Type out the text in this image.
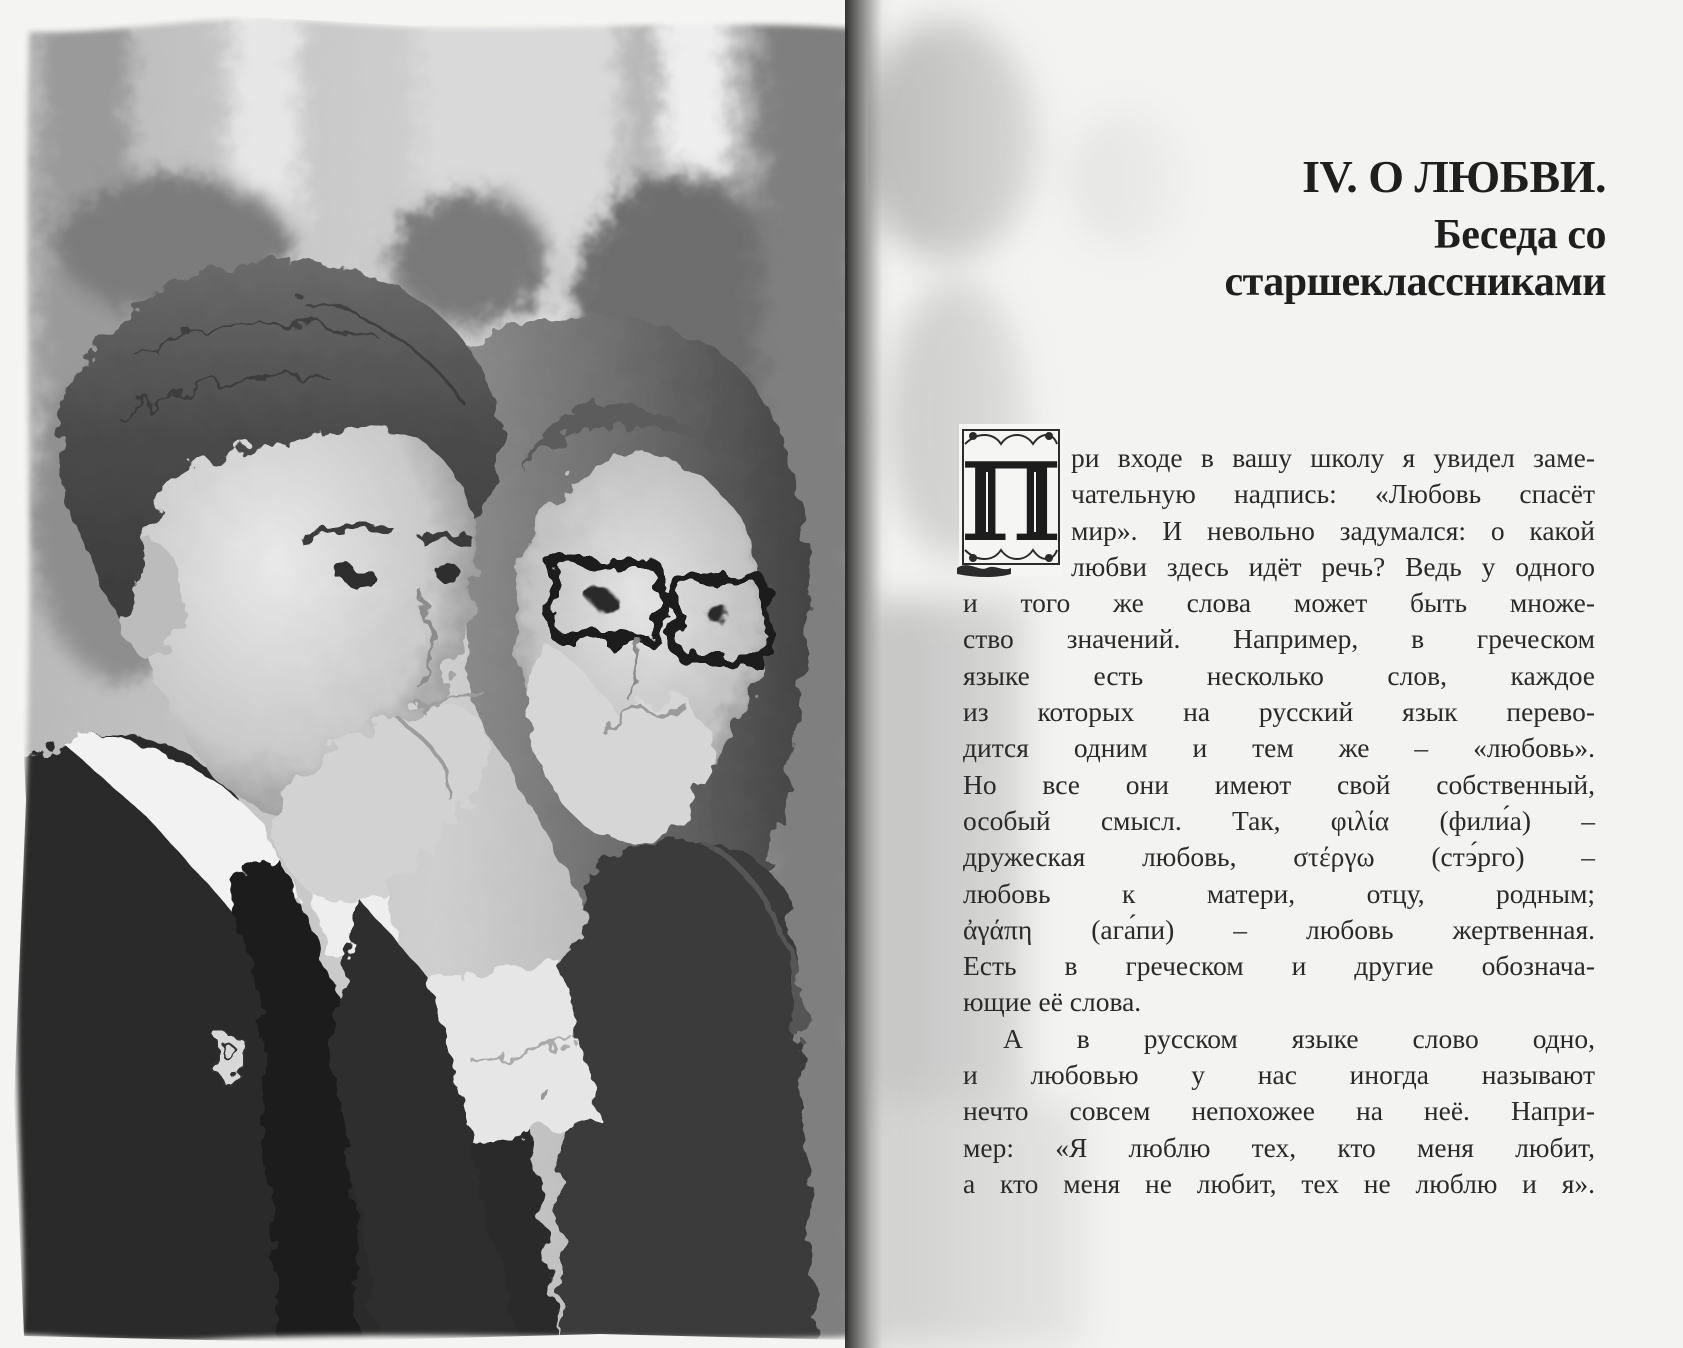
IV. О ЛЮБВИ.
Беседа со старшеклассниками
П ри входе в вашу школу я увидел заме-
чательную надпись: «Любовь спасёт
мир». И невольно задумался: о какой
любви здесь идёт речь? Ведь у одного
и того же слова может быть множе-
ство значений. Например, в греческом
языке есть несколько слов, каждое
из которых на русский язык перево-
дится одним и тем же – «любовь».
Но все они имеют свой собственный,
особый смысл. Так, φιλία (фили́а) –
дружеская любовь, στέργω (стэ́рго) –
любовь к матери, отцу, родным;
ἀγάπη (ага́пи) – любовь жертвенная.
Есть в греческом и другие обознача-
ющие её слова.
А в русском языке слово одно,
и любовью у нас иногда называют
нечто совсем непохожее на неё. Напри-
мер: «Я люблю тех, кто меня любит,
а кто меня не любит, тех не люблю и я».
